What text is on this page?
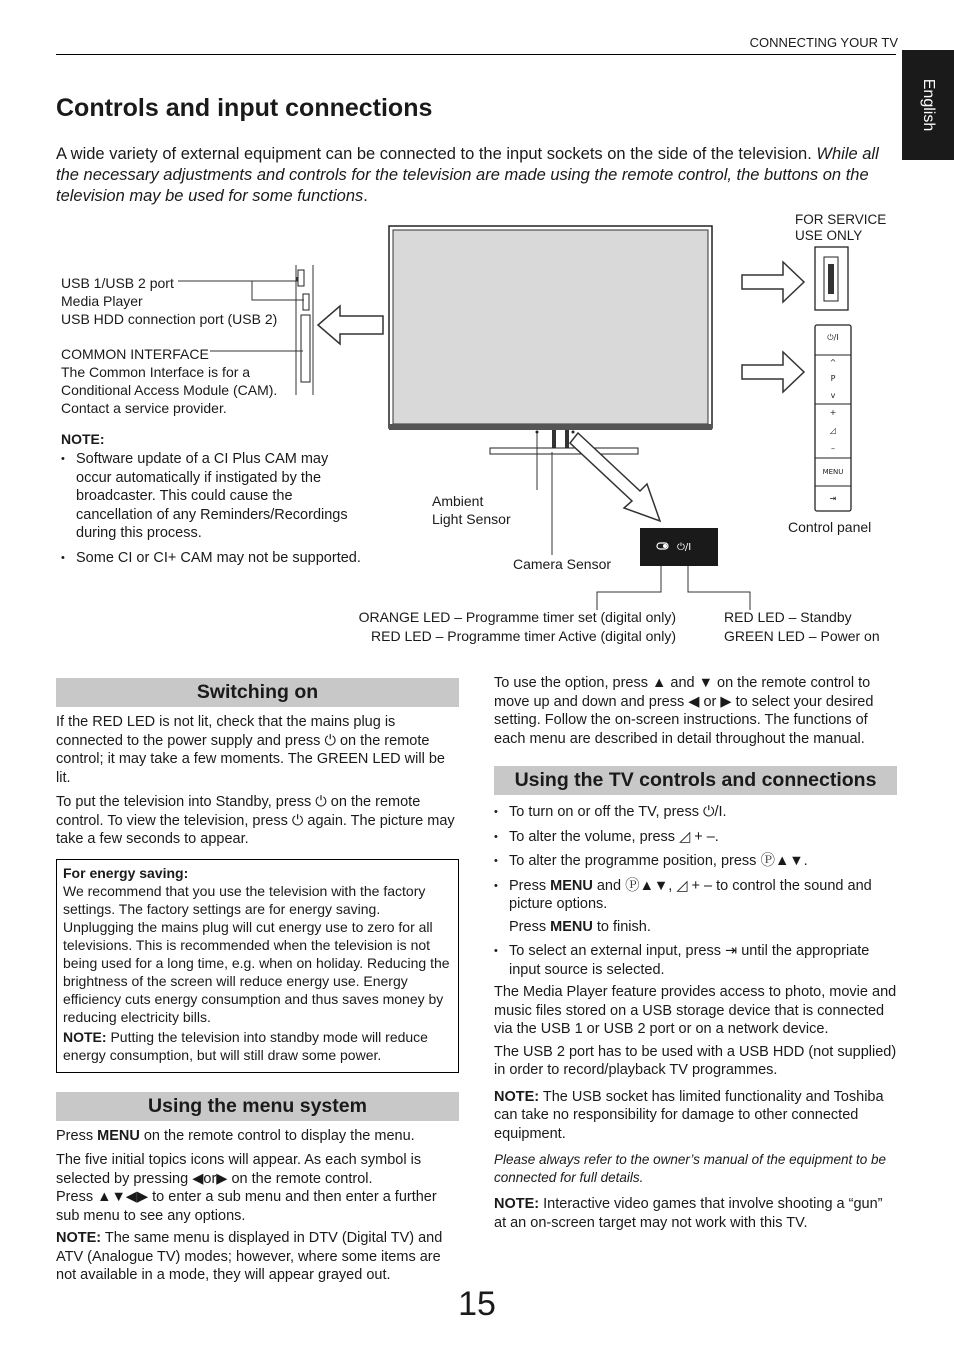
CONNECTING YOUR TV
English
Controls and input connections
A wide variety of external equipment can be connected to the input sockets on the side of the television. While all the necessary adjustments and controls for the television are made using the remote control, the buttons on the television may be used for some functions.
⏻/I
USB 1/USB 2 port
Media Player
USB HDD connection port (USB 2)
COMMON INTERFACE
The Common Interface is for a
Conditional Access Module (CAM).
Contact a service provider.
NOTE:
• Software update of a CI Plus CAM may occur automatically if instigated by the broadcaster. This could cause the cancellation of any Reminders/Recordings during this process.
• Some CI or CI+ CAM may not be supported.
FOR SERVICE
USE ONLY
Ambient
Light Sensor
Camera Sensor
Control panel
ORANGE LED – Programme timer set (digital only)
RED LED – Programme timer Active (digital only)
RED LED – Standby
GREEN LED – Power on
⏻/I
^
P
v
+
◿
–
MENU
⇥
Switching on
If the RED LED is not lit, check that the mains plug is connected to the power supply and press ⏻ on the remote control; it may take a few moments. The GREEN LED will be lit.
To put the television into Standby, press ⏻ on the remote control. To view the television, press ⏻ again. The picture may take a few seconds to appear.
For energy saving:
We recommend that you use the television with the factory settings. The factory settings are for energy saving. Unplugging the mains plug will cut energy use to zero for all televisions. This is recommended when the television is not being used for a long time, e.g. when on holiday. Reducing the brightness of the screen will reduce energy use. Energy efficiency cuts energy consumption and thus saves money by reducing electricity bills.
NOTE: Putting the television into standby mode will reduce energy consumption, but will still draw some power.
Using the menu system
Press MENU on the remote control to display the menu.
The five initial topics icons will appear. As each symbol is selected by pressing ◀or▶ on the remote control.
Press ▲▼◀▶ to enter a sub menu and then enter a further sub menu to see any options.
NOTE: The same menu is displayed in DTV (Digital TV) and ATV (Analogue TV) modes; however, where some items are not available in a mode, they will appear grayed out.
To use the option, press ▲ and ▼ on the remote control to move up and down and press ◀ or ▶ to select your desired setting. Follow the on-screen instructions. The functions of each menu are described in detail throughout the manual.
Using the TV controls and connections
• To turn on or off the TV, press ⏻/I.
• To alter the volume, press ◿ + –.
• To alter the programme position, press Ⓟ▲▼.
• Press MENU and Ⓟ▲▼, ◿ + – to control the sound and picture options.
Press MENU to finish.
• To select an external input, press ⇥ until the appropriate input source is selected.
The Media Player feature provides access to photo, movie and music files stored on a USB storage device that is connected via the USB 1 or USB 2 port or on a network device.
The USB 2 port has to be used with a USB HDD (not supplied) in order to record/playback TV programmes.
NOTE: The USB socket has limited functionality and Toshiba can take no responsibility for damage to other connected equipment.
Please always refer to the owner’s manual of the equipment to be connected for full details.
NOTE: Interactive video games that involve shooting a “gun” at an on-screen target may not work with this TV.
15
